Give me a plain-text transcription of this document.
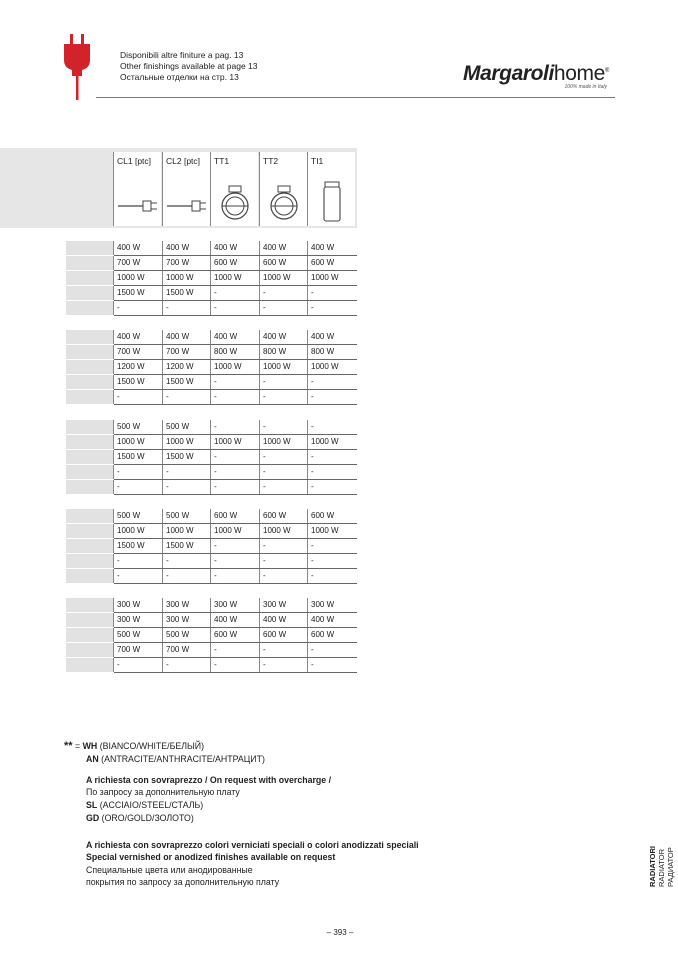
Disponibili altre finiture a pag. 13
Other finishings available at page 13
Остальные отделки на стр. 13	Margarolihome®
100% made in Italy
CL1 [ptc] CL2 [ptc] TT1	TT2	TI1
400 W	400 W	400 W	400 W	400 W
700 W	700 W	600 W	600 W	600 W
1000 W	1000 W	1000 W	1000 W	1000 W
1500 W	1500 W	-	-	-
-	-	-	-	-
400 W	400 W	400 W	400 W	400 W
700 W	700 W	800 W	800 W	800 W
1200 W	1200 W	1000 W	1000 W	1000 W
1500 W	1500 W	-	-	-
-	-	-	-	-
500 W	500 W	-	-	-
1000 W	1000 W	1000 W	1000 W	1000 W
1500 W	1500 W	-	-	-
-	-	-	-	-
-	-	-	-	-
500 W	500 W	600 W	600 W	600 W
1000 W	1000 W	1000 W	1000 W	1000 W
1500 W	1500 W	-	-	-
-	-	-	-	-
-	-	-	-	-
300 W	300 W	300 W	300 W	300 W
300 W	300 W	400 W	400 W	400 W
500 W	500 W	600 W	600 W	600 W
700 W	700 W	-	-	-
-	-	-	-	-
** = WH (BIANCO/WHITE/БЕЛЫЙ)
AN (ANTRACITE/ANTHRACITE/АНТРАЦИТ)
A richiesta con sovraprezzo / On request with overcharge /
По запросу за дополнительную плату
SL (ACCIAIO/STEEL/СТАЛЬ)
GD (ORO/GOLD/ЗОЛОТО)
A richiesta con sovraprezzo colori verniciati speciali o colori anodizzati speciali
Special vernished or anodized finishes available on request
Специальные цвета или анодированные
покрытия по запросу за дополнительную плату	RADIATORI RADIATOR РАДИАТОР
– 393 –
